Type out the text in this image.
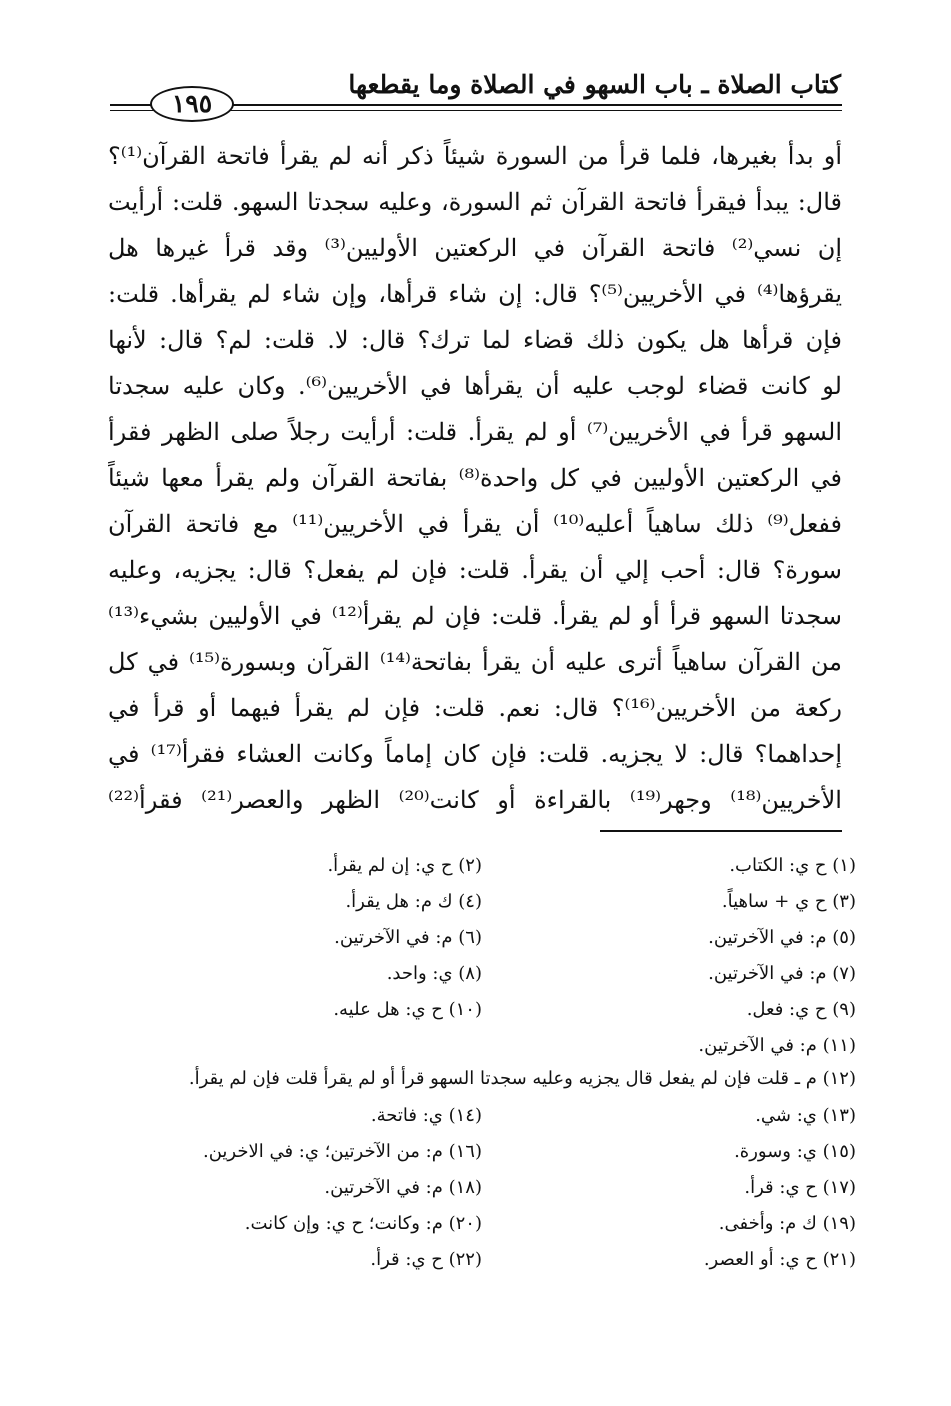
كتاب الصلاة ـ باب السهو في الصلاة وما يقطعها
١٩٥
أو بدأ بغيرها، فلما قرأ من السورة شيئاً ذكر أنه لم يقرأ فاتحة القرآن⁽¹⁾؟
قال: يبدأ فيقرأ فاتحة القرآن ثم السورة، وعليه سجدتا السهو. قلت: أرأيت
إن نسي⁽²⁾ فاتحة القرآن في الركعتين الأوليين⁽³⁾ وقد قرأ غيرها هل
يقرؤها⁽⁴⁾ في الأخريين⁽⁵⁾؟ قال: إن شاء قرأها، وإن شاء لم يقرأها. قلت:
فإن قرأها هل يكون ذلك قضاء لما ترك؟ قال: لا. قلت: لم؟ قال: لأنها
لو كانت قضاء لوجب عليه أن يقرأها في الأخريين⁽⁶⁾. وكان عليه سجدتا
السهو قرأ في الأخريين⁽⁷⁾ أو لم يقرأ. قلت: أرأيت رجلاً صلى الظهر فقرأ
في الركعتين الأوليين في كل واحدة⁽⁸⁾ بفاتحة القرآن ولم يقرأ معها شيئاً
ففعل⁽⁹⁾ ذلك ساهياً أعليه⁽¹⁰⁾ أن يقرأ في الأخريين⁽¹¹⁾ مع فاتحة القرآن
سورة؟ قال: أحب إلي أن يقرأ. قلت: فإن لم يفعل؟ قال: يجزيه، وعليه
سجدتا السهو قرأ أو لم يقرأ. قلت: فإن لم يقرأ⁽¹²⁾ في الأوليين بشيء⁽¹³⁾
من القرآن ساهياً أترى عليه أن يقرأ بفاتحة⁽¹⁴⁾ القرآن وبسورة⁽¹⁵⁾ في كل
ركعة من الأخريين⁽¹⁶⁾؟ قال: نعم. قلت: فإن لم يقرأ فيهما أو قرأ في
إحداهما؟ قال: لا يجزيه. قلت: فإن كان إماماً وكانت العشاء فقرأ⁽¹⁷⁾ في
الأخريين⁽¹⁸⁾ وجهر⁽¹⁹⁾ بالقراءة أو كانت⁽²⁰⁾ الظهر والعصر⁽²¹⁾ فقرأ⁽²²⁾
(١) ح ي: الكتاب.
(٢) ح ي: إن لم يقرأ.
(٣) ح ي + ساهياً.
(٤) ك م: هل يقرأ.
(٥) م: في الآخرتين.
(٦) م: في الآخرتين.
(٧) م: في الآخرتين.
(٨) ي: واحد.
(٩) ح ي: فعل.
(١٠) ح ي: هل عليه.
(١١) م: في الآخرتين.
(١٢) م ـ قلت فإن لم يفعل قال يجزيه وعليه سجدتا السهو قرأ أو لم يقرأ قلت فإن لم يقرأ.
(١٣) ي: شي.
(١٤) ي: فاتحة.
(١٥) ي: وسورة.
(١٦) م: من الآخرتين؛ ي: في الاخرين.
(١٧) ح ي: قرأ.
(١٨) م: في الآخرتين.
(١٩) ك م: وأخفى.
(٢٠) م: وكانت؛ ح ي: وإن كانت.
(٢١) ح ي: أو العصر.
(٢٢) ح ي: قرأ.
